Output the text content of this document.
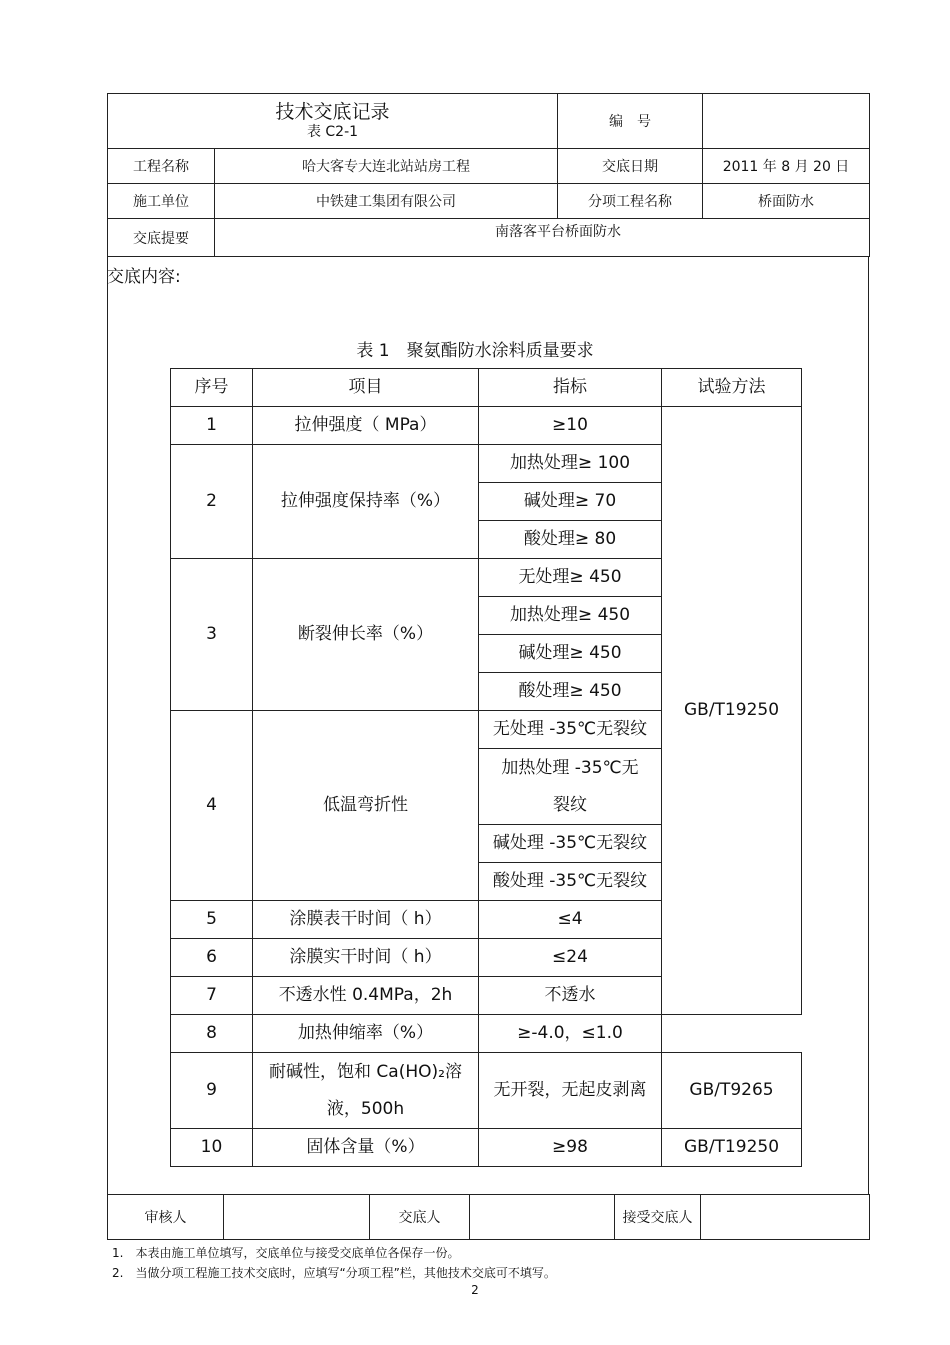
技术交底记录
表 C2-1		编　号	
工程名称	哈大客专大连北站站房工程	交底日期	2011 年 8 月 20 日
施工单位	中铁建工集团有限公司	分项工程名称	桥面防水
交底提要	南落客平台桥面防水		
交底内容:
表 1　聚氨酯防水涂料质量要求
序号	项目	指标	试验方法
1	拉伸强度（ MPa）	≥10	GB/T19250
2	拉伸强度保持率（%）	加热处理≥ 100	
		碱处理≥ 70	
		酸处理≥ 80	
3	断裂伸长率（%）	无处理≥ 450	
		加热处理≥ 450	
		碱处理≥ 450	
		酸处理≥ 450	
4	低温弯折性	无处理 -35℃无裂纹	
		加热处理 -35℃无裂纹	
		碱处理 -35℃无裂纹	
		酸处理 -35℃无裂纹	
5	涂膜表干时间（ h）	≤4	
6	涂膜实干时间（ h）	≤24	
7	不透水性 0.4MPa，2h	不透水	
8	加热伸缩率（%）	≥-4.0，≤1.0	
9	耐碱性，饱和 Ca(HO)₂溶液，500h	无开裂，无起皮剥离	GB/T9265
10	固体含量（%）	≥98	GB/T19250
审核人		交底人		接受交底人	
1.　本表由施工单位填写，交底单位与接受交底单位各保存一份。
2.　当做分项工程施工技术交底时，应填写“分项工程”栏，其他技术交底可不填写。
2
